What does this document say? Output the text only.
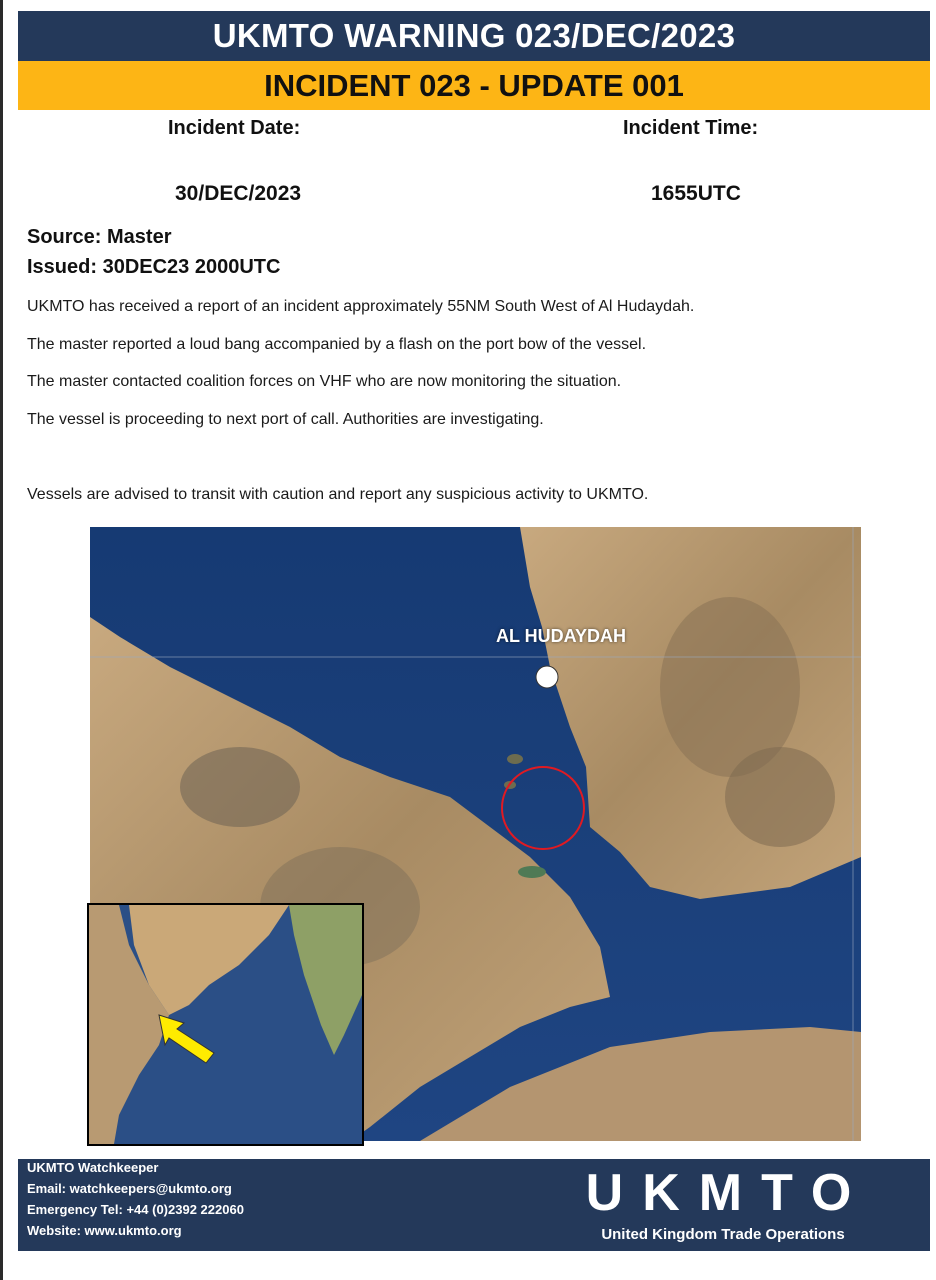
UKMTO WARNING 023/DEC/2023
INCIDENT 023 - UPDATE 001
Incident Date:	Incident Time:
30/DEC/2023	1655UTC
Source: Master
Issued: 30DEC23 2000UTC
UKMTO has received a report of an incident approximately 55NM South West of Al Hudaydah.
The master reported a loud bang accompanied by a flash on the port bow of the vessel.
The master contacted coalition forces on VHF who are now monitoring the situation.
The vessel is proceeding to next port of call. Authorities are investigating.
Vessels are advised to transit with caution and report any suspicious activity to UKMTO.
AL HUDAYDAH
UKMTO Watchkeeper
Email: watchkeepers@ukmto.org
Emergency Tel: +44 (0)2392 222060
Website: www.ukmto.org
UKMTO
United Kingdom Trade Operations
